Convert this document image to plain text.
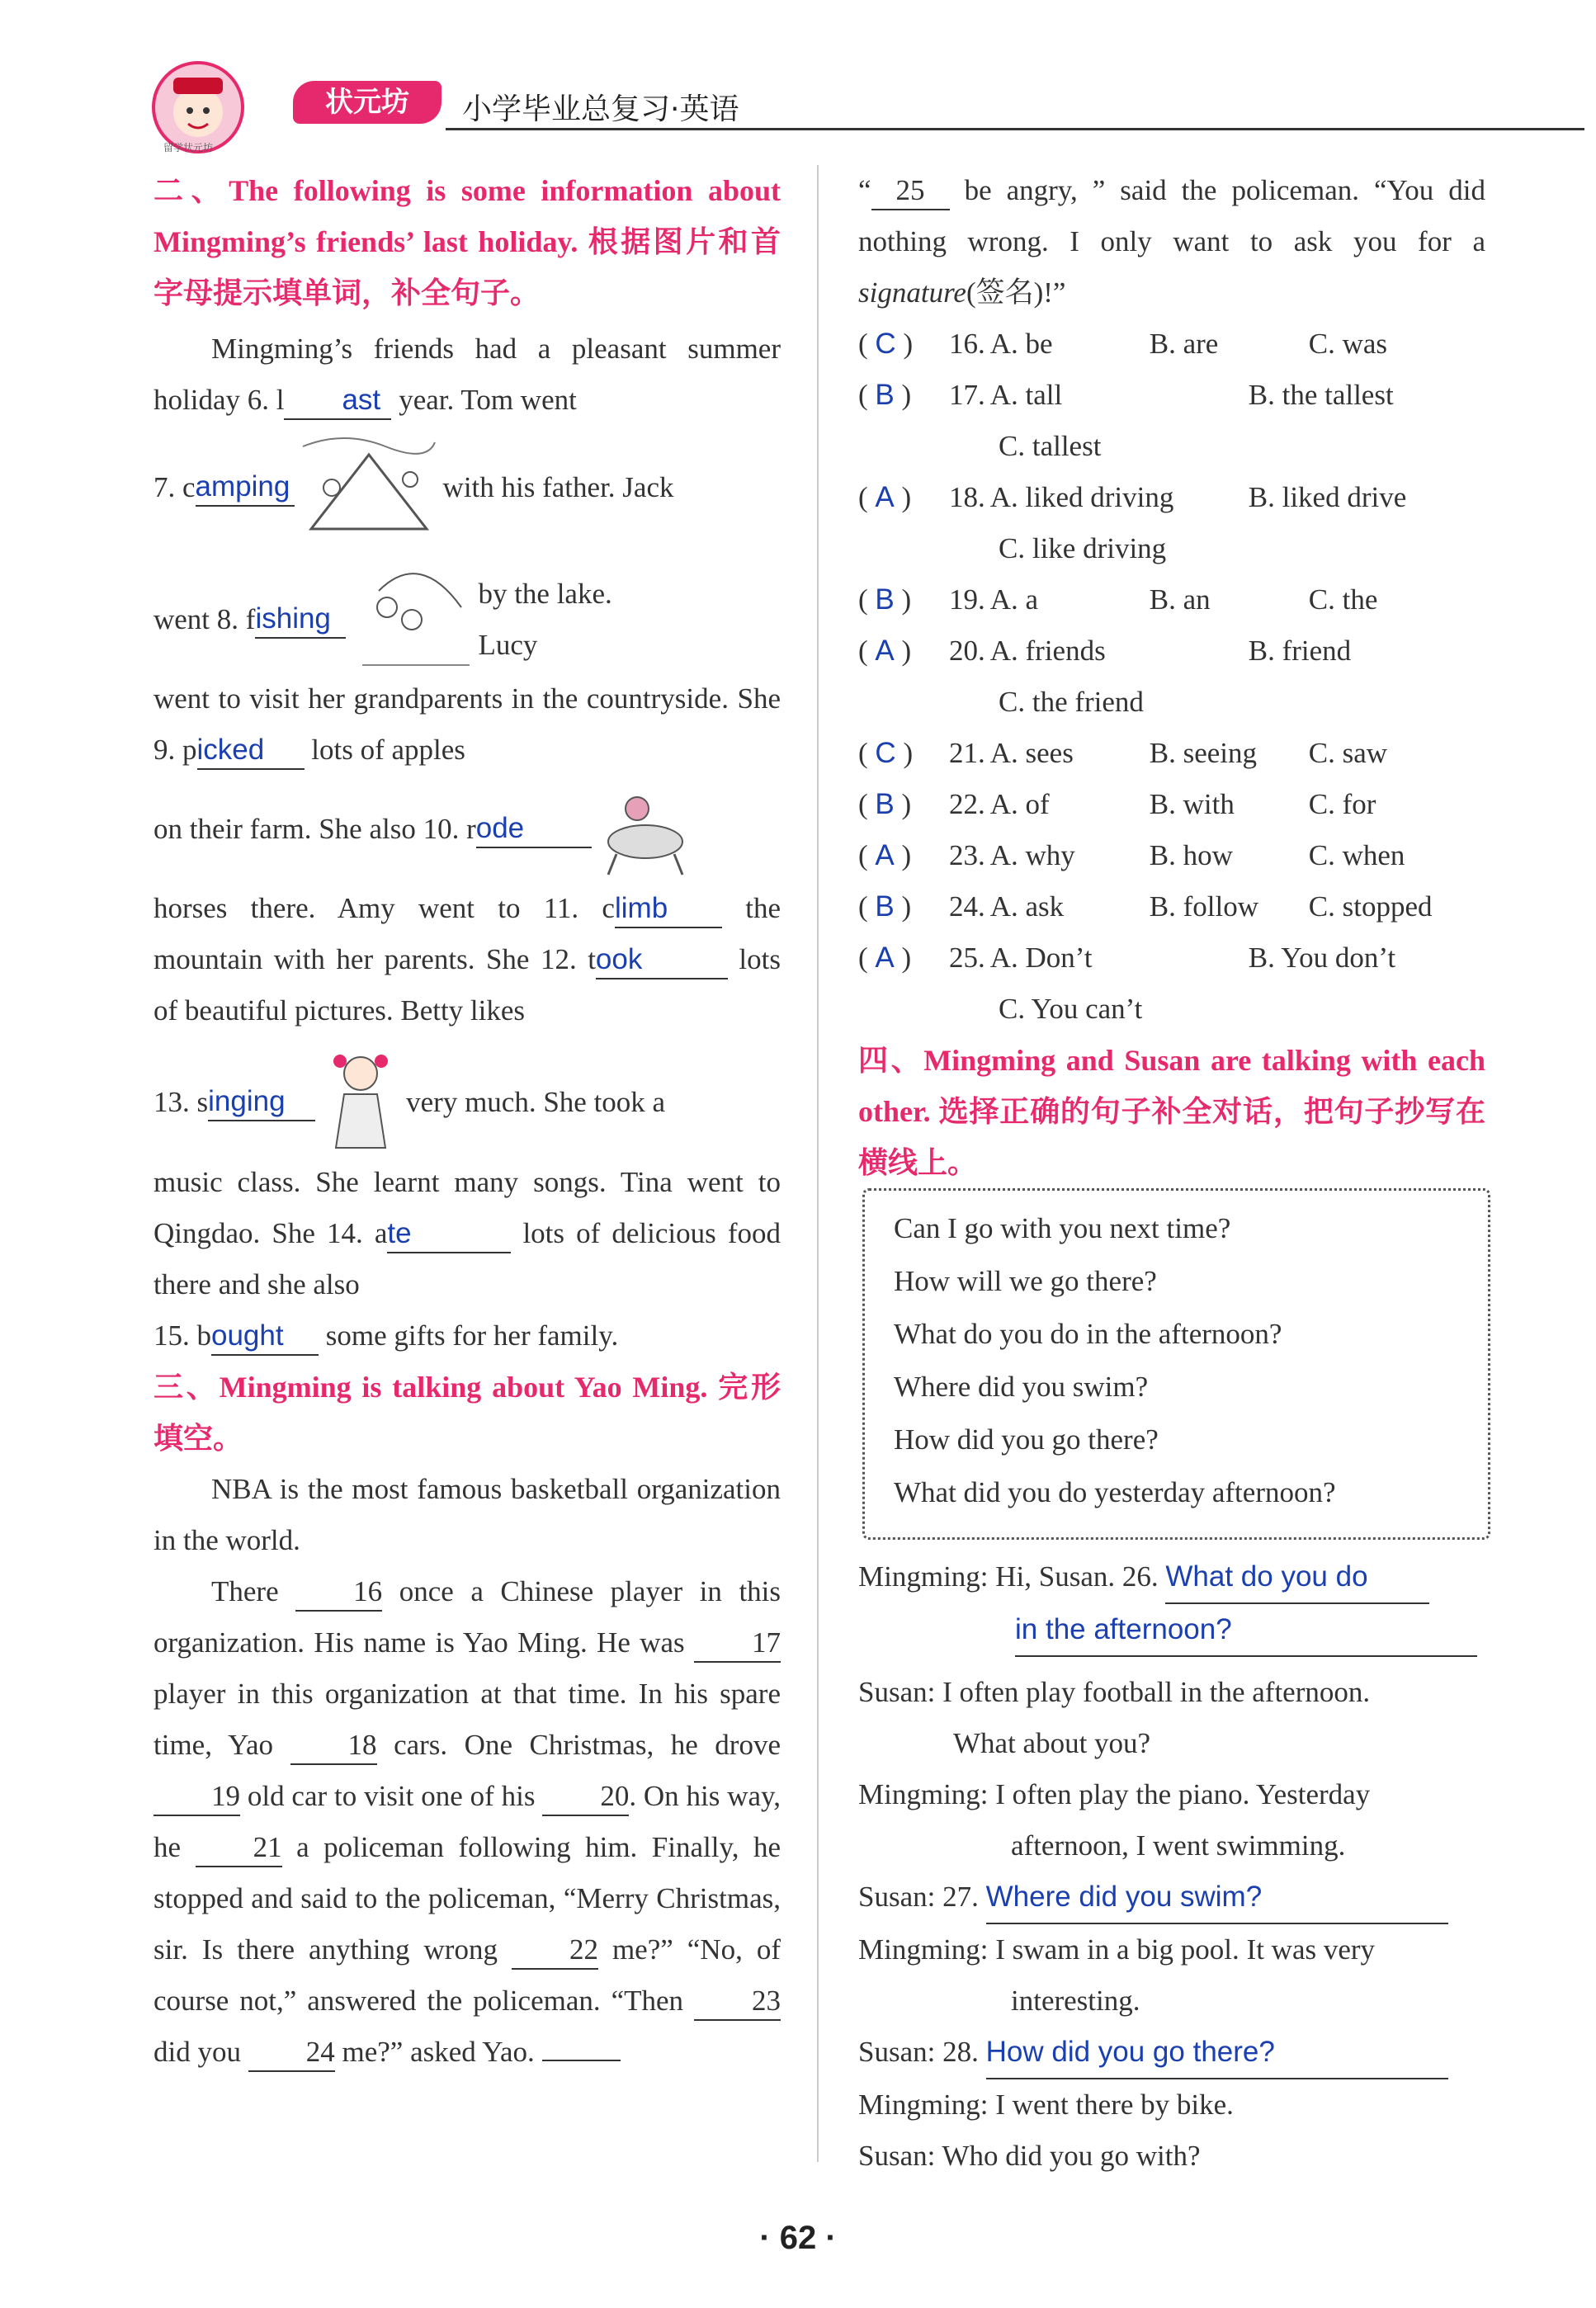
留学状元坊
状元坊	小学毕业总复习·英语

二、The following is some information about Mingming’s friends’ last holiday. 根据图片和首字母提示填单词，补全句子。

Mingming’s friends had a pleasant summer holiday 6. l ast year. Tom went

7. c amping	with his father. Jack
went 8. f ishing
by the lake. Lucy

went to visit her grandparents in the countryside. She 9. picked lots of apples

on their farm. She also 10. r ode

horses there. Amy went to 11. climb the mountain with her parents. She 12. took	lots of beautiful pictures. Betty likes

13. s inging	very much. She took a

music class. She learnt many songs. Tina went to Qingdao. She 14. ate	lots of delicious food there and she also

15. bought some gifts for her family.

三、Mingming is talking about Yao Ming. 完形填空。

NBA is the most famous basketball organization in the world.

There	16 once a Chinese player in this organization. His name is Yao Ming. He was 17 player in this organization at that time. In his spare time, Yao	18 cars. One Christmas, he drove 19 old car to visit one of his 20. On his way, he	21 a policeman following him. Finally, he stopped and said to the policeman, “Merry Christmas, sir. Is there anything wrong 22 me?” “No, of course not,” answered the policeman. “Then 23 did you 24 me?” asked Yao.

“ 25 be angry, ” said the policeman. “You did nothing wrong. I only want to ask you for a signature(签名)!”

( C )	16. A. be	B. are	C. was
( B )	17. A. tall	B. the tallest
C. tallest
( A )	18. A. liked driving	B. liked drive
C. like driving
( B )	19. A. a	B. an	C. the
( A )	20. A. friends	B. friend
C. the friend
( C )	21. A. sees	B. seeing	C. saw
( B )	22. A. of	B. with	C. for
( A )	23. A. why	B. how	C. when
( B )	24. A. ask	B. follow	C. stopped
( A )	25. A. Don’t	B. You don’t
C. You can’t

四、Mingming and Susan are talking with each other. 选择正确的句子补全对话，把句子抄写在横线上。

Can I go with you next time?
How will we go there?
What do you do in the afternoon?
Where did you swim?
How did you go there?
What did you do yesterday afternoon?
Mingming: Hi, Susan. 26. What do you do
in the afternoon?
Susan: I often play football in the afternoon.
What about you?
Mingming: I often play the piano. Yesterday
afternoon, I went swimming.
Susan: 27. Where did you swim?
Mingming: I swam in a big pool. It was very
interesting.
Susan: 28. How did you go there?
Mingming: I went there by bike.
Susan: Who did you go with?
· 62 ·
